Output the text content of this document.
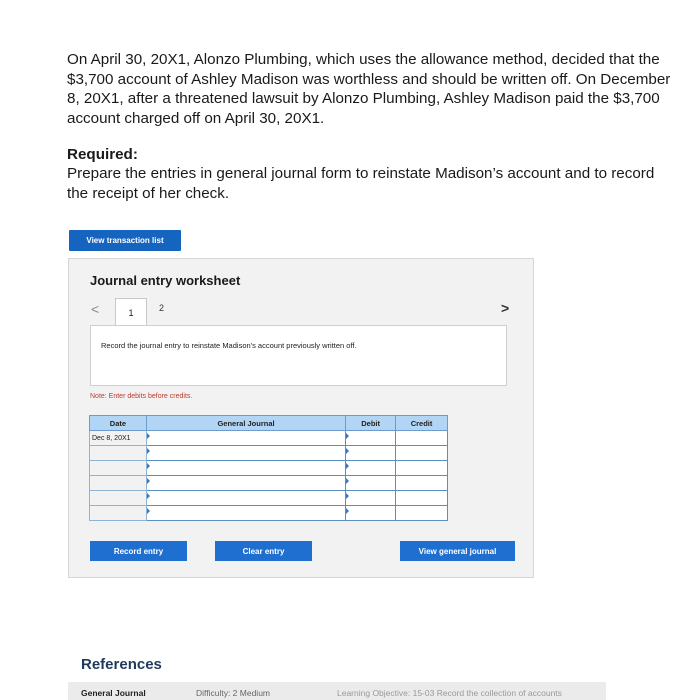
On April 30, 20X1, Alonzo Plumbing, which uses the allowance method, decided that the $3,700 account of Ashley Madison was worthless and should be written off. On December 8, 20X1, after a threatened lawsuit by Alonzo Plumbing, Ashley Madison paid the $3,700 account charged off on April 30, 20X1.
Required:
Prepare the entries in general journal form to reinstate Madison’s account and to record the receipt of her check.
View transaction list
Journal entry worksheet
<	1	2	>
Record the journal entry to reinstate Madison's account previously written off.
Note: Enter debits before credits.
Date	General Journal	Debit	Credit
Dec 8, 20X1	

Record entry	Clear entry	View general journal
References
General Journal	Difficulty: 2 Medium	Learning Objective: 15-03 Record the collection of accounts
